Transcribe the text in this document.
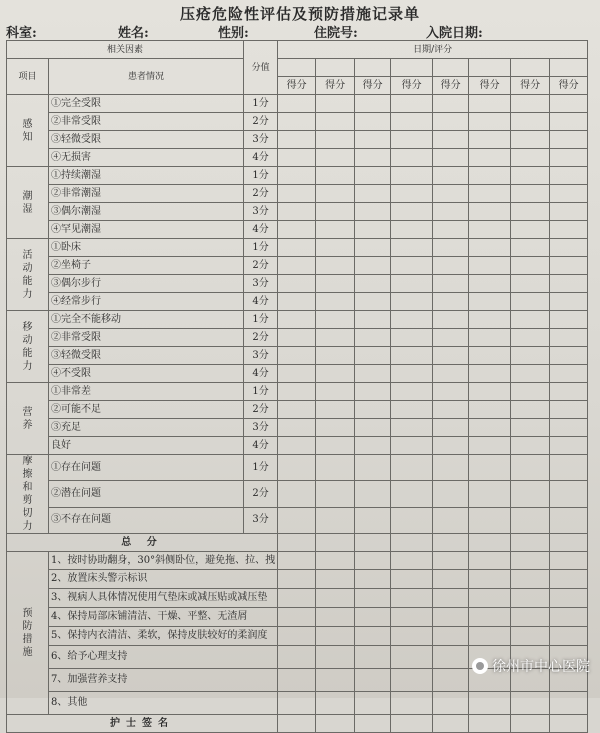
压疮危险性评估及预防措施记录单
科室:	姓名:	性别:	住院号:	入院日期:
相关因素		分值	日期/评分							
项目	患者情况									
			得分	得分	得分	得分	得分	得分	得分	得分
感知	①完全受限	1分								
	②非常受限	2分								
	③轻微受限	3分								
	④无损害	4分								
潮湿	①持续潮湿	1分								
	②非常潮湿	2分								
	③偶尔潮湿	3分								
	④罕见潮湿	4分								
活动能力	①卧床	1分								
	②坐椅子	2分								
	③偶尔步行	3分								
	④经常步行	4分								
移动能力	①完全不能移动	1分								
	②非常受限	2分								
	③轻微受限	3分								
	④不受限	4分								
营养	①非常差	1分								
	②可能不足	2分								
	③充足	3分								
	良好	4分								
摩擦和剪切力	①存在问题	1分								
	②潜在问题	2分								
	③不存在问题	3分								
总 分										
预防措施	1、按时协助翻身，30°斜侧卧位，避免拖、拉、拽									
	2、放置床头警示标识									
	3、视病人具体情况使用气垫床或减压贴或减压垫									
	4、保持局部床铺清洁、干燥、平整、无渣屑									
	5、保持内衣清洁、柔软，保持皮肤较好的柔润度									
	6、给予心理支持									
	7、加强营养支持									
	8、其他									
护士签名										
徐州市中心医院
